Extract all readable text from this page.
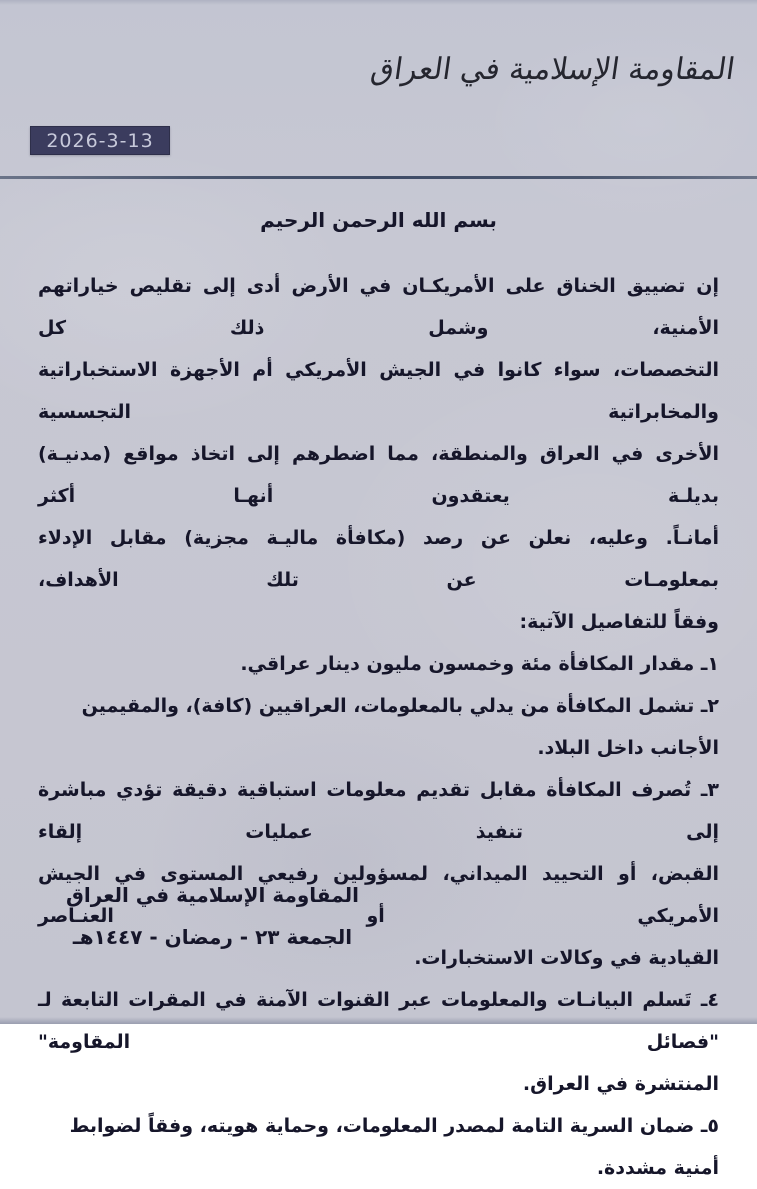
المقاومة الإسلامية في العراق
2026-3-13
بسم الله الرحمن الرحيم
إن تضييق الخناق على الأمريكـان في الأرض أدى إلى تقليص خياراتهم الأمنية، وشمل ذلك كل
التخصصات، سواء كانوا في الجيش الأمريكي أم الأجهزة الاستخباراتية والمخابراتية التجسسية
الأخرى في العراق والمنطقة، مما اضطرهم إلى اتخاذ مواقع (مدنيـة) بديلـة يعتقدون أنهـا أكثر
أمانـاً. وعليه، نعلن عن رصد (مكافأة ماليـة مجزية) مقابل الإدلاء بمعلومـات عن تلك الأهداف،
وفقاً للتفاصيل الآتية:
١ـ مقدار المكافأة مئة وخمسون مليون دينار عراقي.
٢ـ تشمل المكافأة من يدلي بالمعلومات، العراقيين (كافة)، والمقيمين الأجانب داخل البلاد.
٣ـ تُصرف المكافأة مقابل تقديم معلومات استباقية دقيقة تؤدي مباشرة إلى تنفيذ عمليات إلقاء
القبض، أو التحييد الميداني، لمسؤولين رفيعي المستوى في الجيش الأمريكي أو العنـاصر
القيادية في وكالات الاستخبارات.
٤ـ تَسلم البيانـات والمعلومات عبر القنوات الآمنة في المقرات التابعة لـ "فصائل المقاومة"
المنتشرة في العراق.
٥ـ ضمان السرية التامة لمصدر المعلومات، وحماية هويته، وفقاً لضوابط أمنية مشددة.
المقاومة الإسلامية في العراق
الجمعة ٢٣ - رمضان - ١٤٤٧هـ
